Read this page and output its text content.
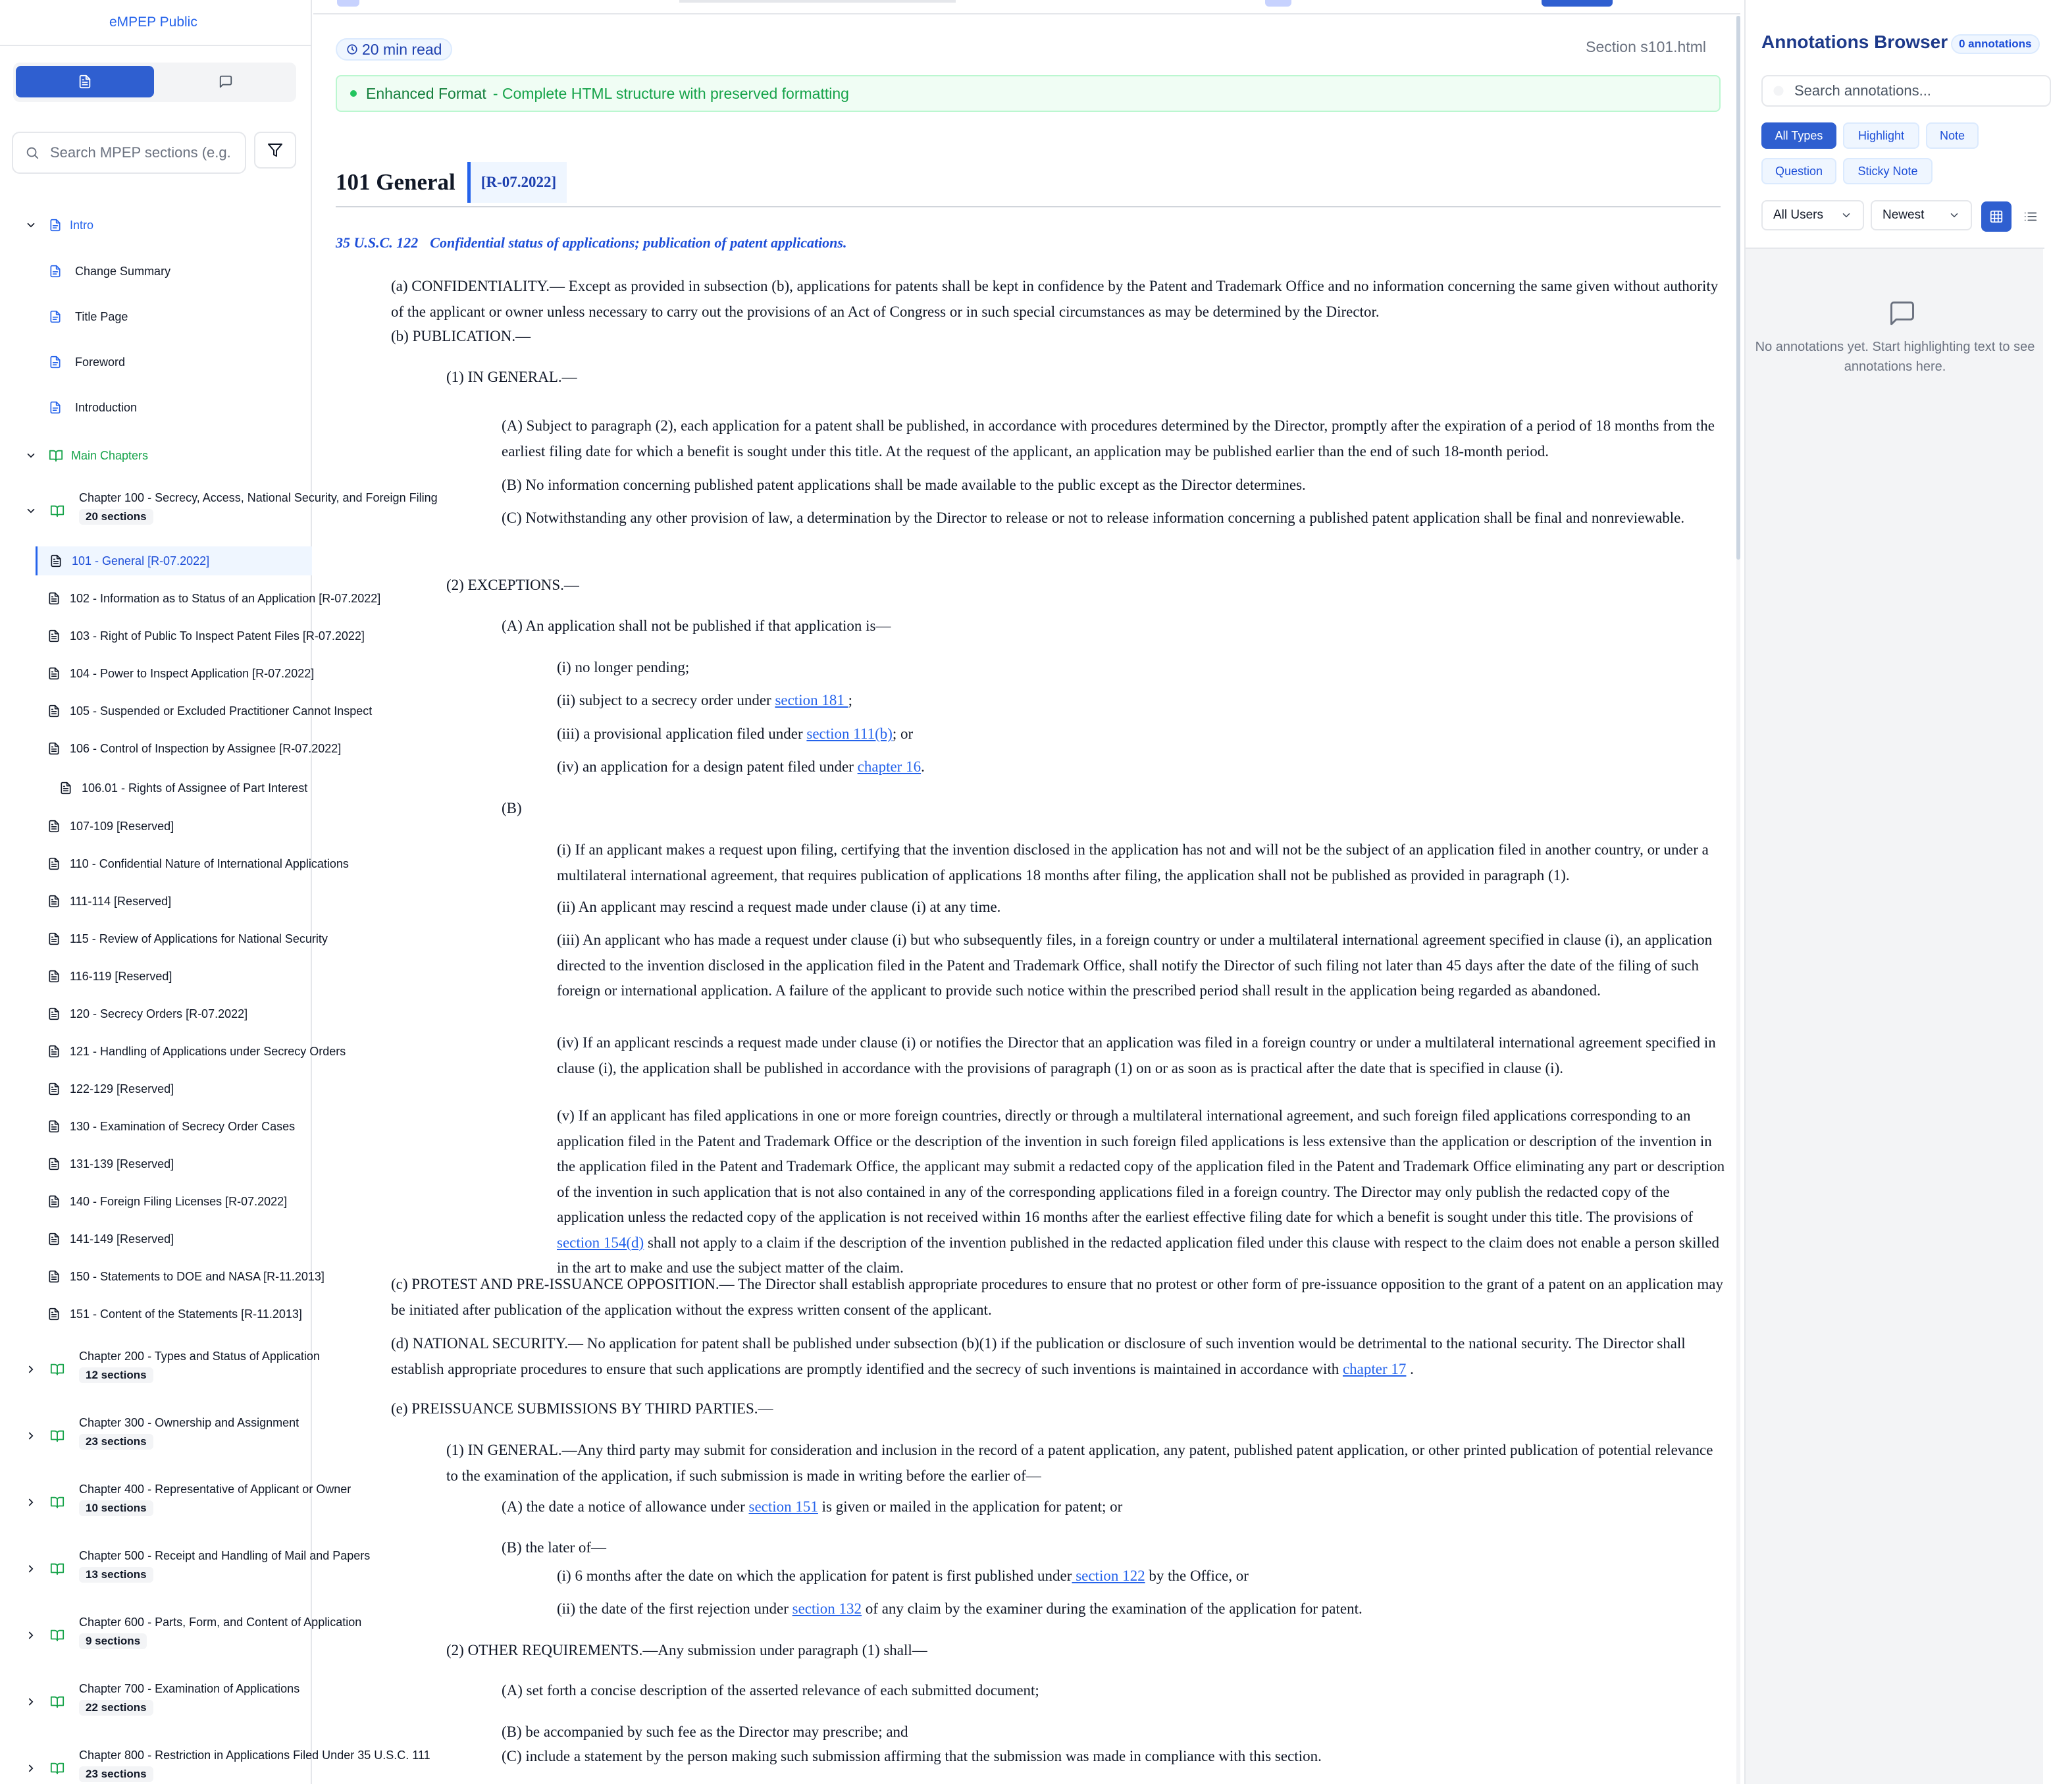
eMPEP Public
Search MPEP sections (e.g.
Intro
Change Summary
Title Page
Foreword
Introduction
Main Chapters
Chapter 100 - Secrecy, Access, National Security, and Foreign Filing
20 sections
101 - General [R-07.2022]
102 - Information as to Status of an Application [R-07.2022]
103 - Right of Public To Inspect Patent Files [R-07.2022]
104 - Power to Inspect Application [R-07.2022]
105 - Suspended or Excluded Practitioner Cannot Inspect
106 - Control of Inspection by Assignee [R-07.2022]
106.01 - Rights of Assignee of Part Interest
107-109 [Reserved]
110 - Confidential Nature of International Applications
111-114 [Reserved]
115 - Review of Applications for National Security
116-119 [Reserved]
120 - Secrecy Orders [R-07.2022]
121 - Handling of Applications under Secrecy Orders
122-129 [Reserved]
130 - Examination of Secrecy Order Cases
131-139 [Reserved]
140 - Foreign Filing Licenses [R-07.2022]
141-149 [Reserved]
150 - Statements to DOE and NASA [R-11.2013]
151 - Content of the Statements [R-11.2013]
Chapter 200 - Types and Status of Application
12 sections
Chapter 300 - Ownership and Assignment
23 sections
Chapter 400 - Representative of Applicant or Owner
10 sections
Chapter 500 - Receipt and Handling of Mail and Papers
13 sections
Chapter 600 - Parts, Form, and Content of Application
9 sections
Chapter 700 - Examination of Applications
22 sections
Chapter 800 - Restriction in Applications Filed Under 35 U.S.C. 111
23 sections
20 min read	Section s101.html
Enhanced Format - Complete HTML structure with preserved formatting
101 General	[R-07.2022]
35 U.S.C. 122 Confidential status of applications; publication of patent applications.
(a) CONFIDENTIALITY.— Except as provided in subsection (b), applications for patents shall be kept in confidence by the Patent and Trademark Office and no information concerning the same given without authority of the applicant or owner unless necessary to carry out the provisions of an Act of Congress or in such special circumstances as may be determined by the Director.
(b) PUBLICATION.—
(1) IN GENERAL.—
(A) Subject to paragraph (2), each application for a patent shall be published, in accordance with procedures determined by the Director, promptly after the expiration of a period of 18 months from the earliest filing date for which a benefit is sought under this title. At the request of the applicant, an application may be published earlier than the end of such 18-month period.
(B) No information concerning published patent applications shall be made available to the public except as the Director determines.
(C) Notwithstanding any other provision of law, a determination by the Director to release or not to release information concerning a published patent application shall be final and nonreviewable.
(2) EXCEPTIONS.—
(A) An application shall not be published if that application is—
(i) no longer pending;
(ii) subject to a secrecy order under section 181 ;
(iii) a provisional application filed under section 111(b); or
(iv) an application for a design patent filed under chapter 16.
(B)
(i) If an applicant makes a request upon filing, certifying that the invention disclosed in the application has not and will not be the subject of an application filed in another country, or under a multilateral international agreement, that requires publication of applications 18 months after filing, the application shall not be published as provided in paragraph (1).
(ii) An applicant may rescind a request made under clause (i) at any time.
(iii) An applicant who has made a request under clause (i) but who subsequently files, in a foreign country or under a multilateral international agreement specified in clause (i), an application directed to the invention disclosed in the application filed in the Patent and Trademark Office, shall notify the Director of such filing not later than 45 days after the date of the filing of such foreign or international application. A failure of the applicant to provide such notice within the prescribed period shall result in the application being regarded as abandoned.
(iv) If an applicant rescinds a request made under clause (i) or notifies the Director that an application was filed in a foreign country or under a multilateral international agreement specified in clause (i), the application shall be published in accordance with the provisions of paragraph (1) on or as soon as is practical after the date that is specified in clause (i).
(v) If an applicant has filed applications in one or more foreign countries, directly or through a multilateral international agreement, and such foreign filed applications corresponding to an application filed in the Patent and Trademark Office or the description of the invention in such foreign filed applications is less extensive than the application or description of the invention in the application filed in the Patent and Trademark Office, the applicant may submit a redacted copy of the application filed in the Patent and Trademark Office eliminating any part or description of the invention in such application that is not also contained in any of the corresponding applications filed in a foreign country. The Director may only publish the redacted copy of the application unless the redacted copy of the application is not received within 16 months after the earliest effective filing date for which a benefit is sought under this title. The provisions of section 154(d) shall not apply to a claim if the description of the invention published in the redacted application filed under this clause with respect to the claim does not enable a person skilled in the art to make and use the subject matter of the claim.
(c) PROTEST AND PRE-ISSUANCE OPPOSITION.— The Director shall establish appropriate procedures to ensure that no protest or other form of pre-issuance opposition to the grant of a patent on an application may be initiated after publication of the application without the express written consent of the applicant.
(d) NATIONAL SECURITY.— No application for patent shall be published under subsection (b)(1) if the publication or disclosure of such invention would be detrimental to the national security. The Director shall establish appropriate procedures to ensure that such applications are promptly identified and the secrecy of such inventions is maintained in accordance with chapter 17 .
(e) PREISSUANCE SUBMISSIONS BY THIRD PARTIES.—
(1) IN GENERAL.—Any third party may submit for consideration and inclusion in the record of a patent application, any patent, published patent application, or other printed publication of potential relevance to the examination of the application, if such submission is made in writing before the earlier of—
(A) the date a notice of allowance under section 151 is given or mailed in the application for patent; or
(B) the later of—
(i) 6 months after the date on which the application for patent is first published under section 122 by the Office, or
(ii) the date of the first rejection under section 132 of any claim by the examiner during the examination of the application for patent.
(2) OTHER REQUIREMENTS.—Any submission under paragraph (1) shall—
(A) set forth a concise description of the asserted relevance of each submitted document;
(B) be accompanied by such fee as the Director may prescribe; and
(C) include a statement by the person making such submission affirming that the submission was made in compliance with this section.
Annotations Browser 0 annotations
Search annotations...
All Types	Highlight	Note
Question	Sticky Note
All Users	Newest
No annotations yet. Start highlighting text to see annotations here.
